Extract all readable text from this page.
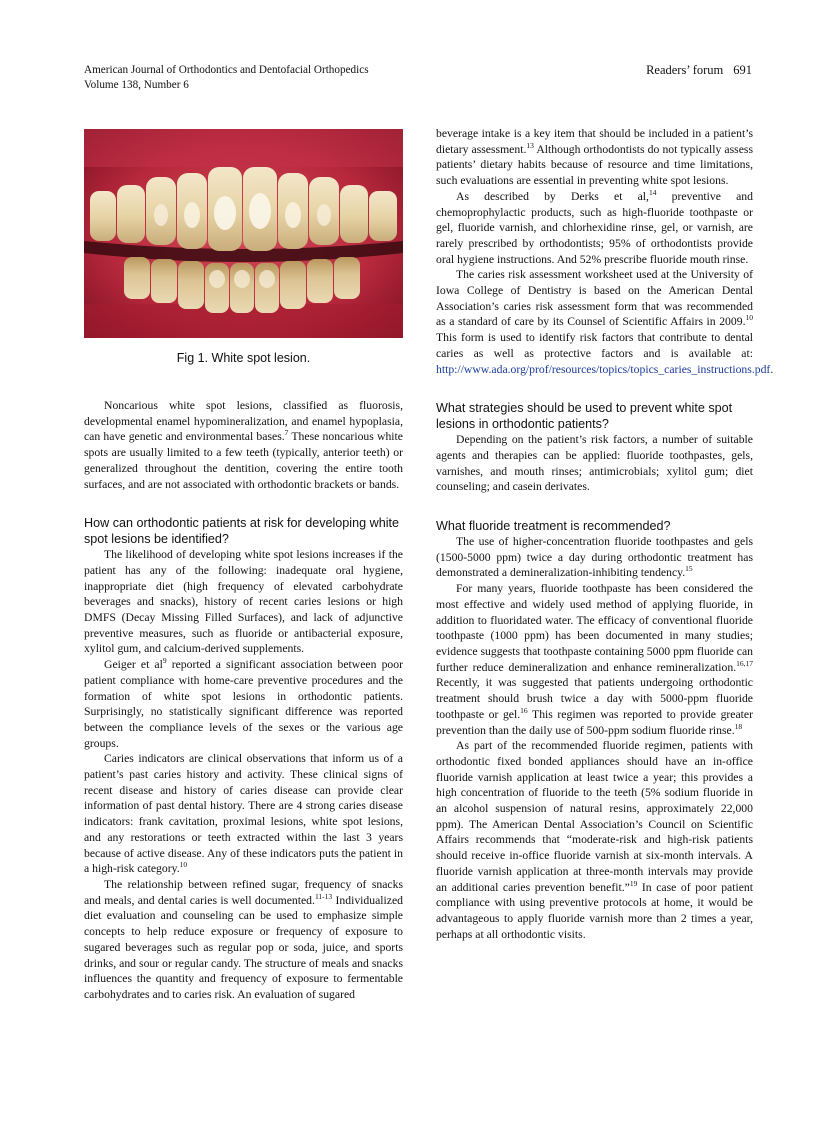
American Journal of Orthodontics and Dentofacial Orthopedics
Volume 138, Number 6
Readers’ forum 691
Fig 1. White spot lesion.

Noncarious white spot lesions, classified as fluorosis, developmental enamel hypomineralization, and enamel hypoplasia, can have genetic and environmental bases.$^7$ These noncarious white spots are usually limited to a few teeth (typically, anterior teeth) or generalized throughout the dentition, covering the entire tooth surfaces, and are not associated with orthodontic brackets or bands.

How can orthodontic patients at risk for developing white spot lesions be identified?

The likelihood of developing white spot lesions increases if the patient has any of the following: inadequate oral hygiene, inappropriate diet (high frequency of elevated carbohydrate beverages and snacks), history of recent caries lesions or high DMFS (Decay Missing Filled Surfaces), and lack of adjunctive preventive measures, such as fluoride or antibacterial exposure, xylitol gum, and calcium-derived supplements.

Geiger et $al^9$ reported a significant association between poor patient compliance with home-care preventive procedures and the formation of white spot lesions in orthodontic patients. Surprisingly, no statistically significant difference was reported between the compliance levels of the sexes or the various age groups.

Caries indicators are clinical observations that inform us of a patient’s past caries history and activity. These clinical signs of recent disease and history of caries disease can provide clear information of past dental history. There are 4 strong caries disease indicators: frank cavitation, proximal lesions, white spot lesions, and any restorations or teeth extracted within the last 3 years because of active disease. Any of these indicators puts the patient in a high-risk category.$^{10}$

The relationship between refined sugar, frequency of snacks and meals, and dental caries is well documented.$^{11-13}$ Individualized diet evaluation and counseling can be used to emphasize simple concepts to help reduce exposure or frequency of exposure to sugared beverages such as regular pop or soda, juice, and sports drinks, and sour or regular candy. The structure of meals and snacks influences the quantity and frequency of exposure to fermentable carbohydrates and to caries risk. An evaluation of sugared

beverage intake is a key item that should be included in a patient’s dietary assessment.$^{13}$ Although orthodontists do not typically assess patients’ dietary habits because of resource and time limitations, such evaluations are essential in preventing white spot lesions.

As described by Derks et al,$^{14}$ preventive and chemoprophylactic products, such as high-fluoride toothpaste or gel, fluoride varnish, and chlorhexidine rinse, gel, or varnish, are rarely prescribed by orthodontists; 95% of orthodontists provide oral hygiene instructions. And 52% prescribe fluoride mouth rinse.

The caries risk assessment worksheet used at the University of Iowa College of Dentistry is based on the American Dental Association’s caries risk assessment form that was recommended as a standard of care by its Counsel of Scientific Affairs in 2009.10 This form is used to identify risk factors that contribute to dental caries as well as protective factors and is available at: http://www.ada.org/prof/resources/topics/topics_caries_instructions.pdf.

What strategies should be used to prevent white spot lesions in orthodontic patients?

Depending on the patient’s risk factors, a number of suitable agents and therapies can be applied: fluoride toothpastes, gels, varnishes, and mouth rinses; antimicrobials; xylitol gum; diet counseling; and casein derivates.

What fluoride treatment is recommended?

The use of higher-concentration fluoride toothpastes and gels (1500-5000 ppm) twice a day during orthodontic treatment has demonstrated a demineralization-inhibiting tendency.$^{15}$

For many years, fluoride toothpaste has been considered the most effective and widely used method of applying fluoride, in addition to fluoridated water. The efficacy of conventional fluoride toothpaste (1000 ppm) has been documented in many studies; evidence suggests that toothpaste containing 5000 ppm fluoride can further reduce demineralization and enhance remineralization.$^{16,17}$ Recently, it was suggested that patients undergoing orthodontic treatment should brush twice a day with 5000-ppm fluoride toothpaste or gel.$^{16}$ This regimen was reported to provide greater prevention than the daily use of 500-ppm sodium fluoride rinse.$^{18}$

As part of the recommended fluoride regimen, patients with orthodontic fixed bonded appliances should have an in-office fluoride varnish application at least twice a year; this provides a high concentration of fluoride to the teeth (5% sodium fluoride in an alcohol suspension of natural resins, approximately 22,000 ppm). The American Dental Association’s Council on Scientific Affairs recommends that “moderate-risk and high-risk patients should receive in-office fluoride varnish at six-month intervals. A fluoride varnish application at three-month intervals may provide an additional caries prevention benefit.”$^{19}$ In case of poor patient compliance with using preventive protocols at home, it would be advantageous to apply fluoride varnish more than 2 times a year, perhaps at all orthodontic visits.
